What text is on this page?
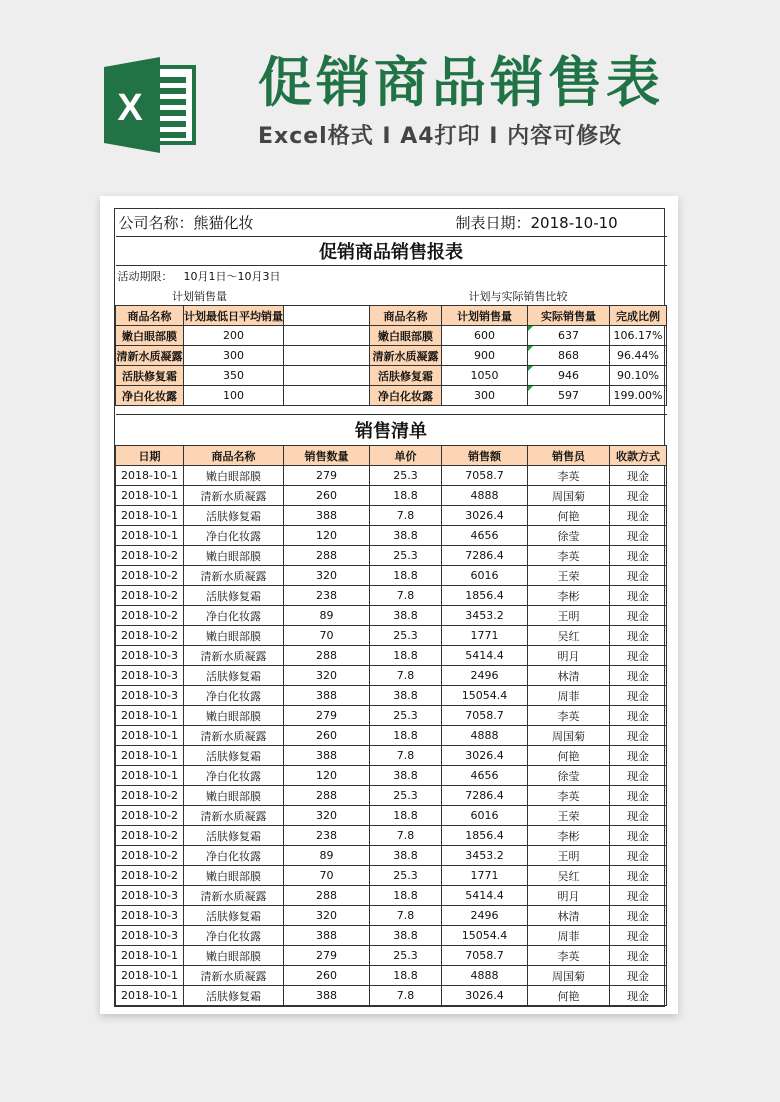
X 促销商品销售表
Excel格式 I A4打印 I 内容可修改
公司名称：熊猫化妆				制表日期：2018-10-10		
促销商品销售报表						
活动期限：	10月1日～10月3日					
计划销售量			计划与实际销售比较			
商品名称	计划最低日平均销量		商品名称	计划销售量	实际销售量	完成比例
嫩白眼部膜	200		嫩白眼部膜	600	637	106.17%
清新水质凝露	300		清新水质凝露	900	868	96.44%
活肤修复霜	350		活肤修复霜	1050	946	90.10%
净白化妆露	100		净白化妆露	300	597	199.00%

销售清单						
日期	商品名称	销售数量	单价	销售额	销售员	收款方式
2018-10-1	嫩白眼部膜	279	25.3	7058.7	李英	现金
2018-10-1	清新水质凝露	260	18.8	4888	周国菊	现金
2018-10-1	活肤修复霜	388	7.8	3026.4	何艳	现金
2018-10-1	净白化妆露	120	38.8	4656	徐莹	现金
2018-10-2	嫩白眼部膜	288	25.3	7286.4	李英	现金
2018-10-2	清新水质凝露	320	18.8	6016	王荣	现金
2018-10-2	活肤修复霜	238	7.8	1856.4	李彬	现金
2018-10-2	净白化妆露	89	38.8	3453.2	王明	现金
2018-10-2	嫩白眼部膜	70	25.3	1771	吴红	现金
2018-10-3	清新水质凝露	288	18.8	5414.4	明月	现金
2018-10-3	活肤修复霜	320	7.8	2496	林清	现金
2018-10-3	净白化妆露	388	38.8	15054.4	周菲	现金
2018-10-1	嫩白眼部膜	279	25.3	7058.7	李英	现金
2018-10-1	清新水质凝露	260	18.8	4888	周国菊	现金
2018-10-1	活肤修复霜	388	7.8	3026.4	何艳	现金
2018-10-1	净白化妆露	120	38.8	4656	徐莹	现金
2018-10-2	嫩白眼部膜	288	25.3	7286.4	李英	现金
2018-10-2	清新水质凝露	320	18.8	6016	王荣	现金
2018-10-2	活肤修复霜	238	7.8	1856.4	李彬	现金
2018-10-2	净白化妆露	89	38.8	3453.2	王明	现金
2018-10-2	嫩白眼部膜	70	25.3	1771	吴红	现金
2018-10-3	清新水质凝露	288	18.8	5414.4	明月	现金
2018-10-3	活肤修复霜	320	7.8	2496	林清	现金
2018-10-3	净白化妆露	388	38.8	15054.4	周菲	现金
2018-10-1	嫩白眼部膜	279	25.3	7058.7	李英	现金
2018-10-1	清新水质凝露	260	18.8	4888	周国菊	现金
2018-10-1	活肤修复霜	388	7.8	3026.4	何艳	现金
